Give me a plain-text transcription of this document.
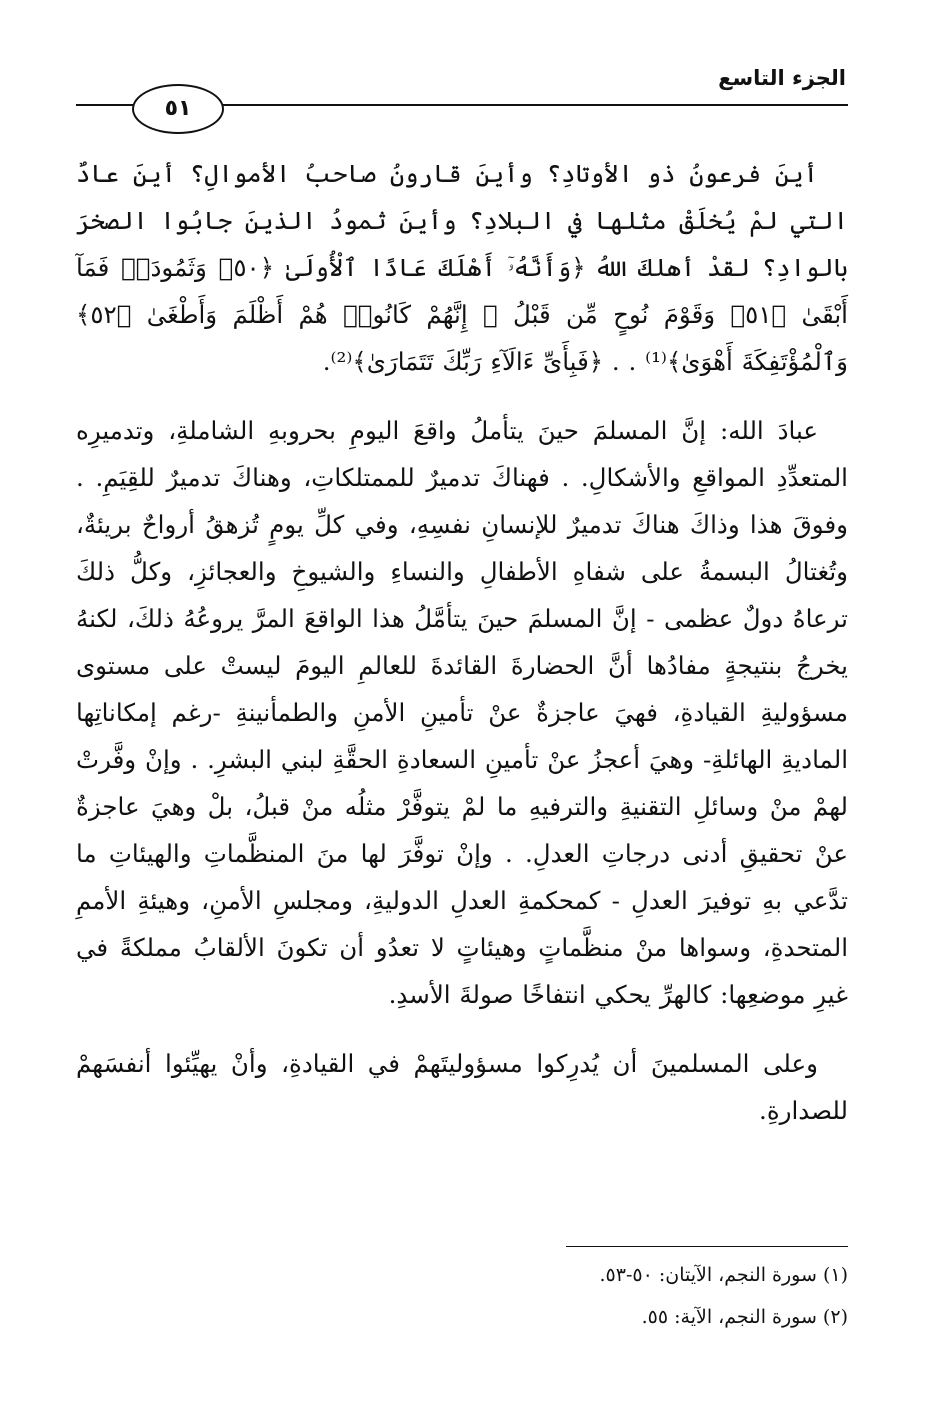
الجزء التاسع
٥١

أينَ فرعونُ ذو الأوتادِ؟ وأينَ قارونُ صاحبُ الأموالِ؟ أينَ عادٌ التي لمْ يُخلَقْ مثلها في البلادِ؟ وأينَ ثمودُ الذينَ جابُوا الصخرَ بالوادِ؟ لقدْ أهلكَ اللهُ ﴿وَأَنَّهُۥٓ أَهْلَكَ عَادًا ٱلْأُولَىٰ ﴿٥٠﴾ وَثَمُودَا۟ فَمَآ أَبْقَىٰ ﴿٥١﴾ وَقَوْمَ نُوحٍ مِّن قَبْلُ ۖ إِنَّهُمْ كَانُوا۟ هُمْ أَظْلَمَ وَأَطْغَىٰ ﴿٥٢﴾ وَٱلْمُؤْتَفِكَةَ أَهْوَىٰ﴾⁽¹⁾ . . ﴿فَبِأَىِّ ءَالَآءِ رَبِّكَ تَتَمَارَىٰ﴾⁽²⁾.

عبادَ الله: إنَّ المسلمَ حينَ يتأملُ واقعَ اليومِ بحروبهِ الشاملةِ، وتدميرِه المتعدِّدِ المواقعِ والأشكالِ. . فهناكَ تدميرٌ للممتلكاتِ، وهناكَ تدميرٌ للقِيَمِ. . وفوقَ هذا وذاكَ هناكَ تدميرٌ للإنسانِ نفسِهِ، وفي كلِّ يومٍ تُزهقُ أرواحٌ بريئةٌ، وتُغتالُ البسمةُ على شفاهِ الأطفالِ والنساءِ والشيوخِ والعجائزِ، وكلُّ ذلكَ ترعاهُ دولٌ عظمى - إنَّ المسلمَ حينَ يتأمَّلُ هذا الواقعَ المرَّ يروعُهُ ذلكَ، لكنهُ يخرجُ بنتيجةٍ مفادُها أنَّ الحضارةَ القائدةَ للعالمِ اليومَ ليستْ على مستوى مسؤوليةِ القيادةِ، فهيَ عاجزةٌ عنْ تأمينِ الأمنِ والطمأنينةِ -رغم إمكاناتِها الماديةِ الهائلةِ- وهيَ أعجزُ عنْ تأمينِ السعادةِ الحقَّةِ لبني البشرِ. . وإنْ وفَّرتْ لهمْ منْ وسائلِ التقنيةِ والترفيهِ ما لمْ يتوفَّرْ مثلُه منْ قبلُ، بلْ وهيَ عاجزةٌ عنْ تحقيقِ أدنى درجاتِ العدلِ. . وإنْ توفَّرَ لها منَ المنظَّماتِ والهيئاتِ ما تدَّعي بهِ توفيرَ العدلِ - كمحكمةِ العدلِ الدوليةِ، ومجلسِ الأمنِ، وهيئةِ الأممِ المتحدةِ، وسواها منْ منظَّماتٍ وهيئاتٍ لا تعدُو أن تكونَ الألقابُ مملكةً في غيرِ موضعِها: كالهرِّ يحكي انتفاخًا صولةَ الأسدِ.

وعلى المسلمينَ أن يُدرِكوا مسؤوليتَهمْ في القيادةِ، وأنْ يهيِّئوا أنفسَهمْ للصدارةِ.

(١) سورة النجم، الآيتان: ٥٠-٥٣.

(٢) سورة النجم، الآية: ٥٥.
